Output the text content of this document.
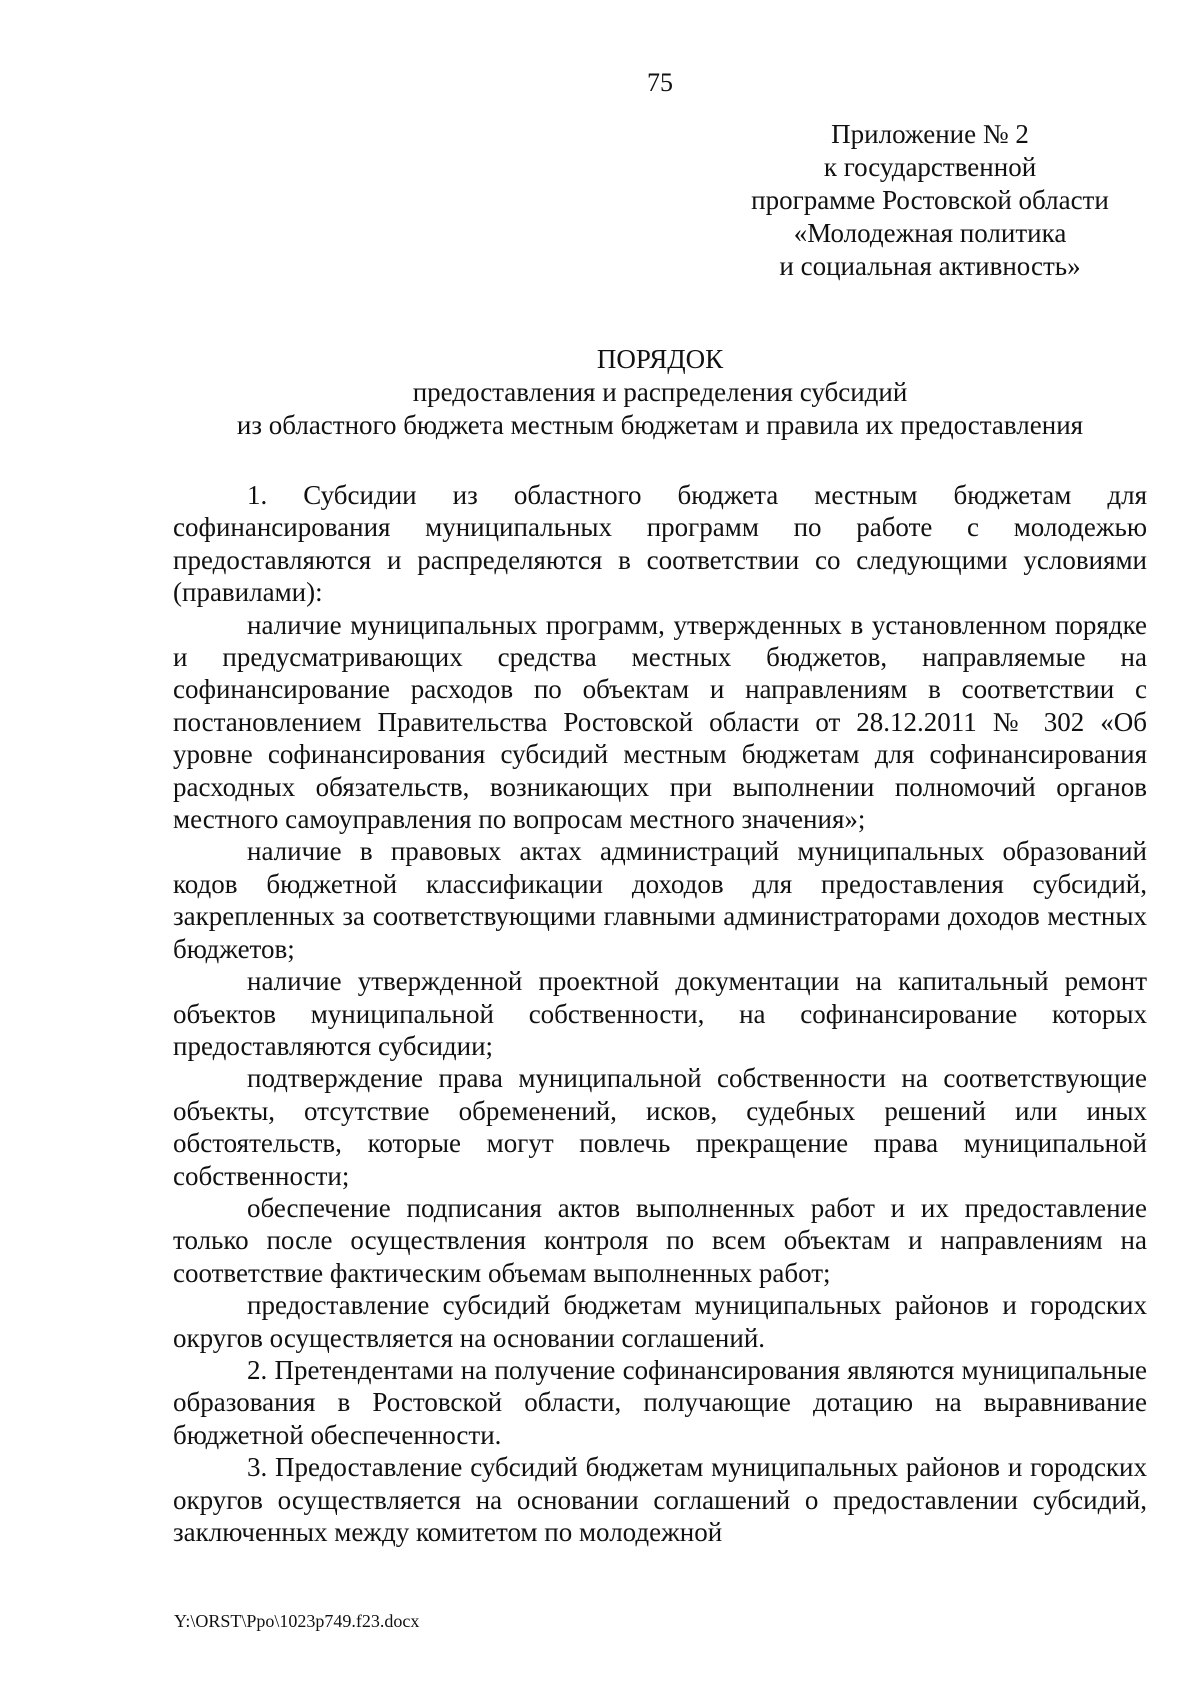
75
Приложение № 2
к государственной
программе Ростовской области
«Молодежная политика
и социальная активность»
ПОРЯДОК
предоставления и распределения субсидий
из областного бюджета местным бюджетам и правила их предоставления

1. Субсидии из областного бюджета местным бюджетам для софинансирования муниципальных программ по работе с молодежью предоставляются и распределяются в соответствии со следующими условиями (правилами):

наличие муниципальных программ, утвержденных в установленном порядке и предусматривающих средства местных бюджетов, направляемые на софинансирование расходов по объектам и направлениям в соответствии с постановлением Правительства Ростовской области от 28.12.2011 № 302 «Об уровне софинансирования субсидий местным бюджетам для софинансирования расходных обязательств, возникающих при выполнении полномочий органов местного самоуправления по вопросам местного значения»;

наличие в правовых актах администраций муниципальных образований кодов бюджетной классификации доходов для предоставления субсидий, закрепленных за соответствующими главными администраторами доходов местных бюджетов;

наличие утвержденной проектной документации на капитальный ремонт объектов муниципальной собственности, на софинансирование которых предоставляются субсидии;

подтверждение права муниципальной собственности на соответствующие объекты, отсутствие обременений, исков, судебных решений или иных обстоятельств, которые могут повлечь прекращение права муниципальной собственности;

обеспечение подписания актов выполненных работ и их предоставление только после осуществления контроля по всем объектам и направлениям на соответствие фактическим объемам выполненных работ;

предоставление субсидий бюджетам муниципальных районов и городских округов осуществляется на основании соглашений.

2. Претендентами на получение софинансирования являются муниципальные образования в Ростовской области, получающие дотацию на выравнивание бюджетной обеспеченности.

3. Предоставление субсидий бюджетам муниципальных районов и городских округов осуществляется на основании соглашений о предоставлении субсидий, заключенных между комитетом по молодежной

Y:\ORST\Ppo\1023p749.f23.docx
